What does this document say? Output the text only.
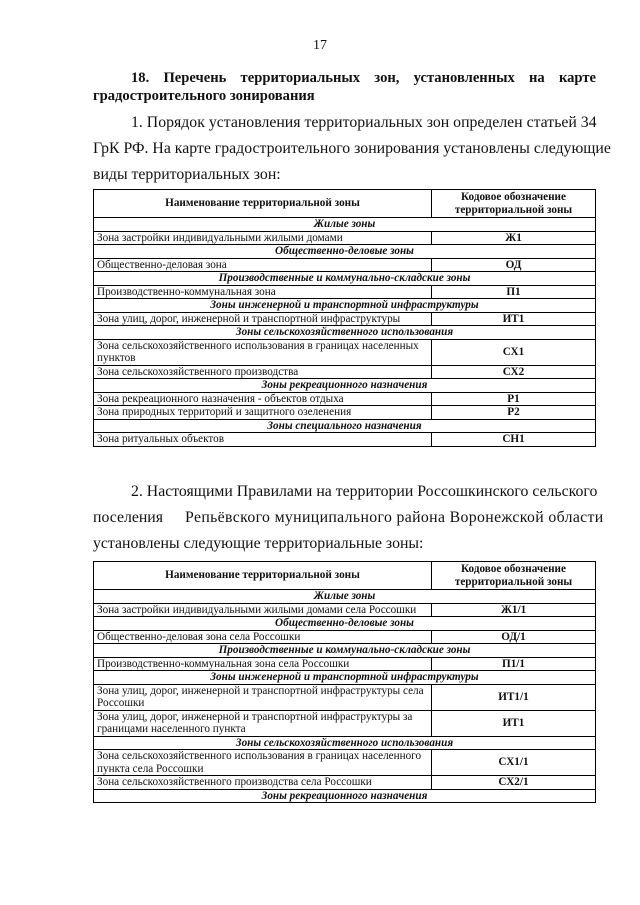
17
18. Перечень территориальных зон, установленных на карте
градостроительного зонирования
1. Порядок установления территориальных зон определен статьей 34
ГрК РФ. На карте градостроительного зонирования установлены следующие
виды территориальных зон:
Наименование территориальной зоны	Кодовое обозначение территориальной зоны
Жилые зоны	
Зона застройки индивидуальными жилыми домами	Ж1
Общественно-деловые зоны	
Общественно-деловая зона	ОД
Производственные и коммунально-складские зоны	
Производственно-коммунальная зона	П1
Зоны инженерной и транспортной инфраструктуры	
Зона улиц, дорог, инженерной и транспортной инфраструктуры	ИТ1
Зоны сельскохозяйственного использования	
Зона сельскохозяйственного использования в границах населенных пунктов	СХ1
Зона сельскохозяйственного производства	СХ2
Зоны рекреационного назначения	
Зона рекреационного назначения - объектов отдыха	Р1
Зона природных территорий и защитного озеленения	Р2
Зоны специального назначения	
Зона ритуальных объектов	СН1
2. Настоящими Правилами на территории Россошкинского сельского
поселения Репьёвского муниципального района Воронежской области
установлены следующие территориальные зоны:
Наименование территориальной зоны	Кодовое обозначение территориальной зоны
Жилые зоны	
Зона застройки индивидуальными жилыми домами села Россошки	Ж1/1
Общественно-деловые зоны	
Общественно-деловая зона села Россошки	ОД/1
Производственные и коммунально-складские зоны	
Производственно-коммунальная зона села Россошки	П1/1
Зоны инженерной и транспортной инфраструктуры	
Зона улиц, дорог, инженерной и транспортной инфраструктуры села Россошки	ИТ1/1
Зона улиц, дорог, инженерной и транспортной инфраструктуры за границами населенного пункта	ИТ1
Зоны сельскохозяйственного использования	
Зона сельскохозяйственного использования в границах населенного пункта села Россошки	СХ1/1
Зона сельскохозяйственного производства села Россошки	СХ2/1
Зоны рекреационного назначения	
